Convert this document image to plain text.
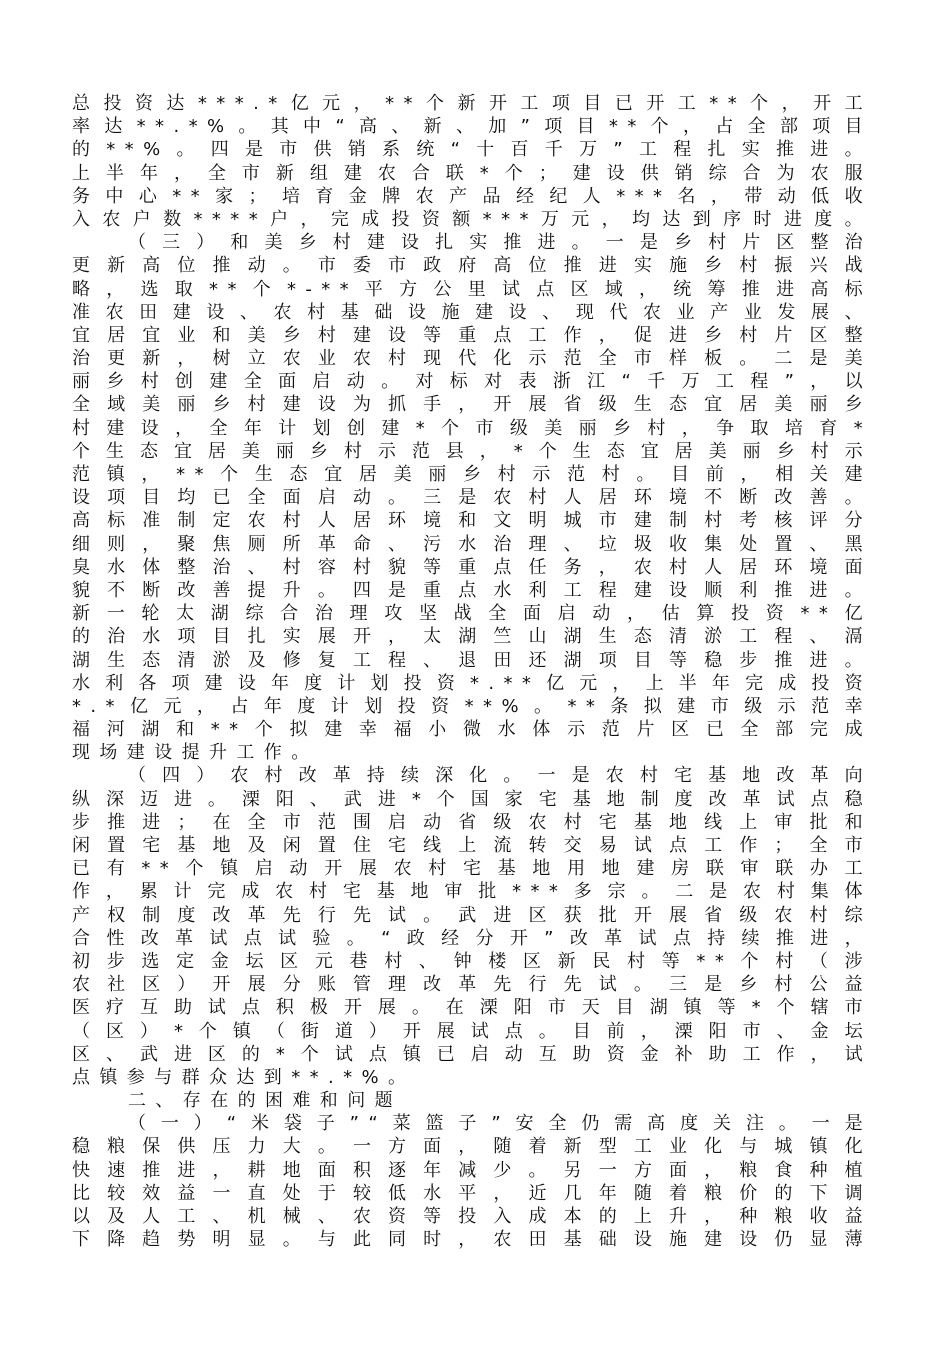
总投资达***.*亿元，**个新开工项目已开工**个，开工
率达**.*%。其中“高、新、加”项目**个，占全部项目
的**%。四是市供销系统“十百千万”工程扎实推进。
上半年，全市新组建农合联*个；建设供销综合为农服
务中心**家；培育金牌农产品经纪人***名，带动低收
入农户数****户，完成投资额***万元，均达到序时进度。
（三）和美乡村建设扎实推进。一是乡村片区整治
更新高位推动。市委市政府高位推进实施乡村振兴战
略，选取**个*-**平方公里试点区域，统筹推进高标
准农田建设、农村基础设施建设、现代农业产业发展、
宜居宜业和美乡村建设等重点工作，促进乡村片区整
治更新，树立农业农村现代化示范全市样板。二是美
丽乡村创建全面启动。对标对表浙江“千万工程”，以
全域美丽乡村建设为抓手，开展省级生态宜居美丽乡
村建设，全年计划创建*个市级美丽乡村，争取培育*
个生态宜居美丽乡村示范县，*个生态宜居美丽乡村示
范镇，**个生态宜居美丽乡村示范村。目前，相关建
设项目均已全面启动。三是农村人居环境不断改善。
高标准制定农村人居环境和文明城市建制村考核评分
细则，聚焦厕所革命、污水治理、垃圾收集处置、黑
臭水体整治、村容村貌等重点任务，农村人居环境面
貌不断改善提升。四是重点水利工程建设顺利推进。
新一轮太湖综合治理攻坚战全面启动，估算投资**亿
的治水项目扎实展开，太湖竺山湖生态清淤工程、滆
湖生态清淤及修复工程、退田还湖项目等稳步推进。
水利各项建设年度计划投资*.**亿元，上半年完成投资
*.*亿元，占年度计划投资**%。**条拟建市级示范幸
福河湖和**个拟建幸福小微水体示范片区已全部完成
现场建设提升工作。
（四）农村改革持续深化。一是农村宅基地改革向
纵深迈进。溧阳、武进*个国家宅基地制度改革试点稳
步推进；在全市范围启动省级农村宅基地线上审批和
闲置宅基地及闲置住宅线上流转交易试点工作；全市
已有**个镇启动开展农村宅基地用地建房联审联办工
作，累计完成农村宅基地审批***多宗。二是农村集体
产权制度改革先行先试。武进区获批开展省级农村综
合性改革试点试验。“政经分开”改革试点持续推进，
初步选定金坛区元巷村、钟楼区新民村等**个村（涉
农社区）开展分账管理改革先行先试。三是乡村公益
医疗互助试点积极开展。在溧阳市天目湖镇等*个辖市
（区）*个镇（街道）开展试点。目前，溧阳市、金坛
区、武进区的*个试点镇已启动互助资金补助工作，试
点镇参与群众达到**.*%。
二、存在的困难和问题
（一）“米袋子”“菜篮子”安全仍需高度关注。一是
稳粮保供压力大。一方面，随着新型工业化与城镇化
快速推进，耕地面积逐年减少。另一方面，粮食种植
比较效益一直处于较低水平，近几年随着粮价的下调
以及人工、机械、农资等投入成本的上升，种粮收益
下降趋势明显。与此同时，农田基础设施建设仍显薄
